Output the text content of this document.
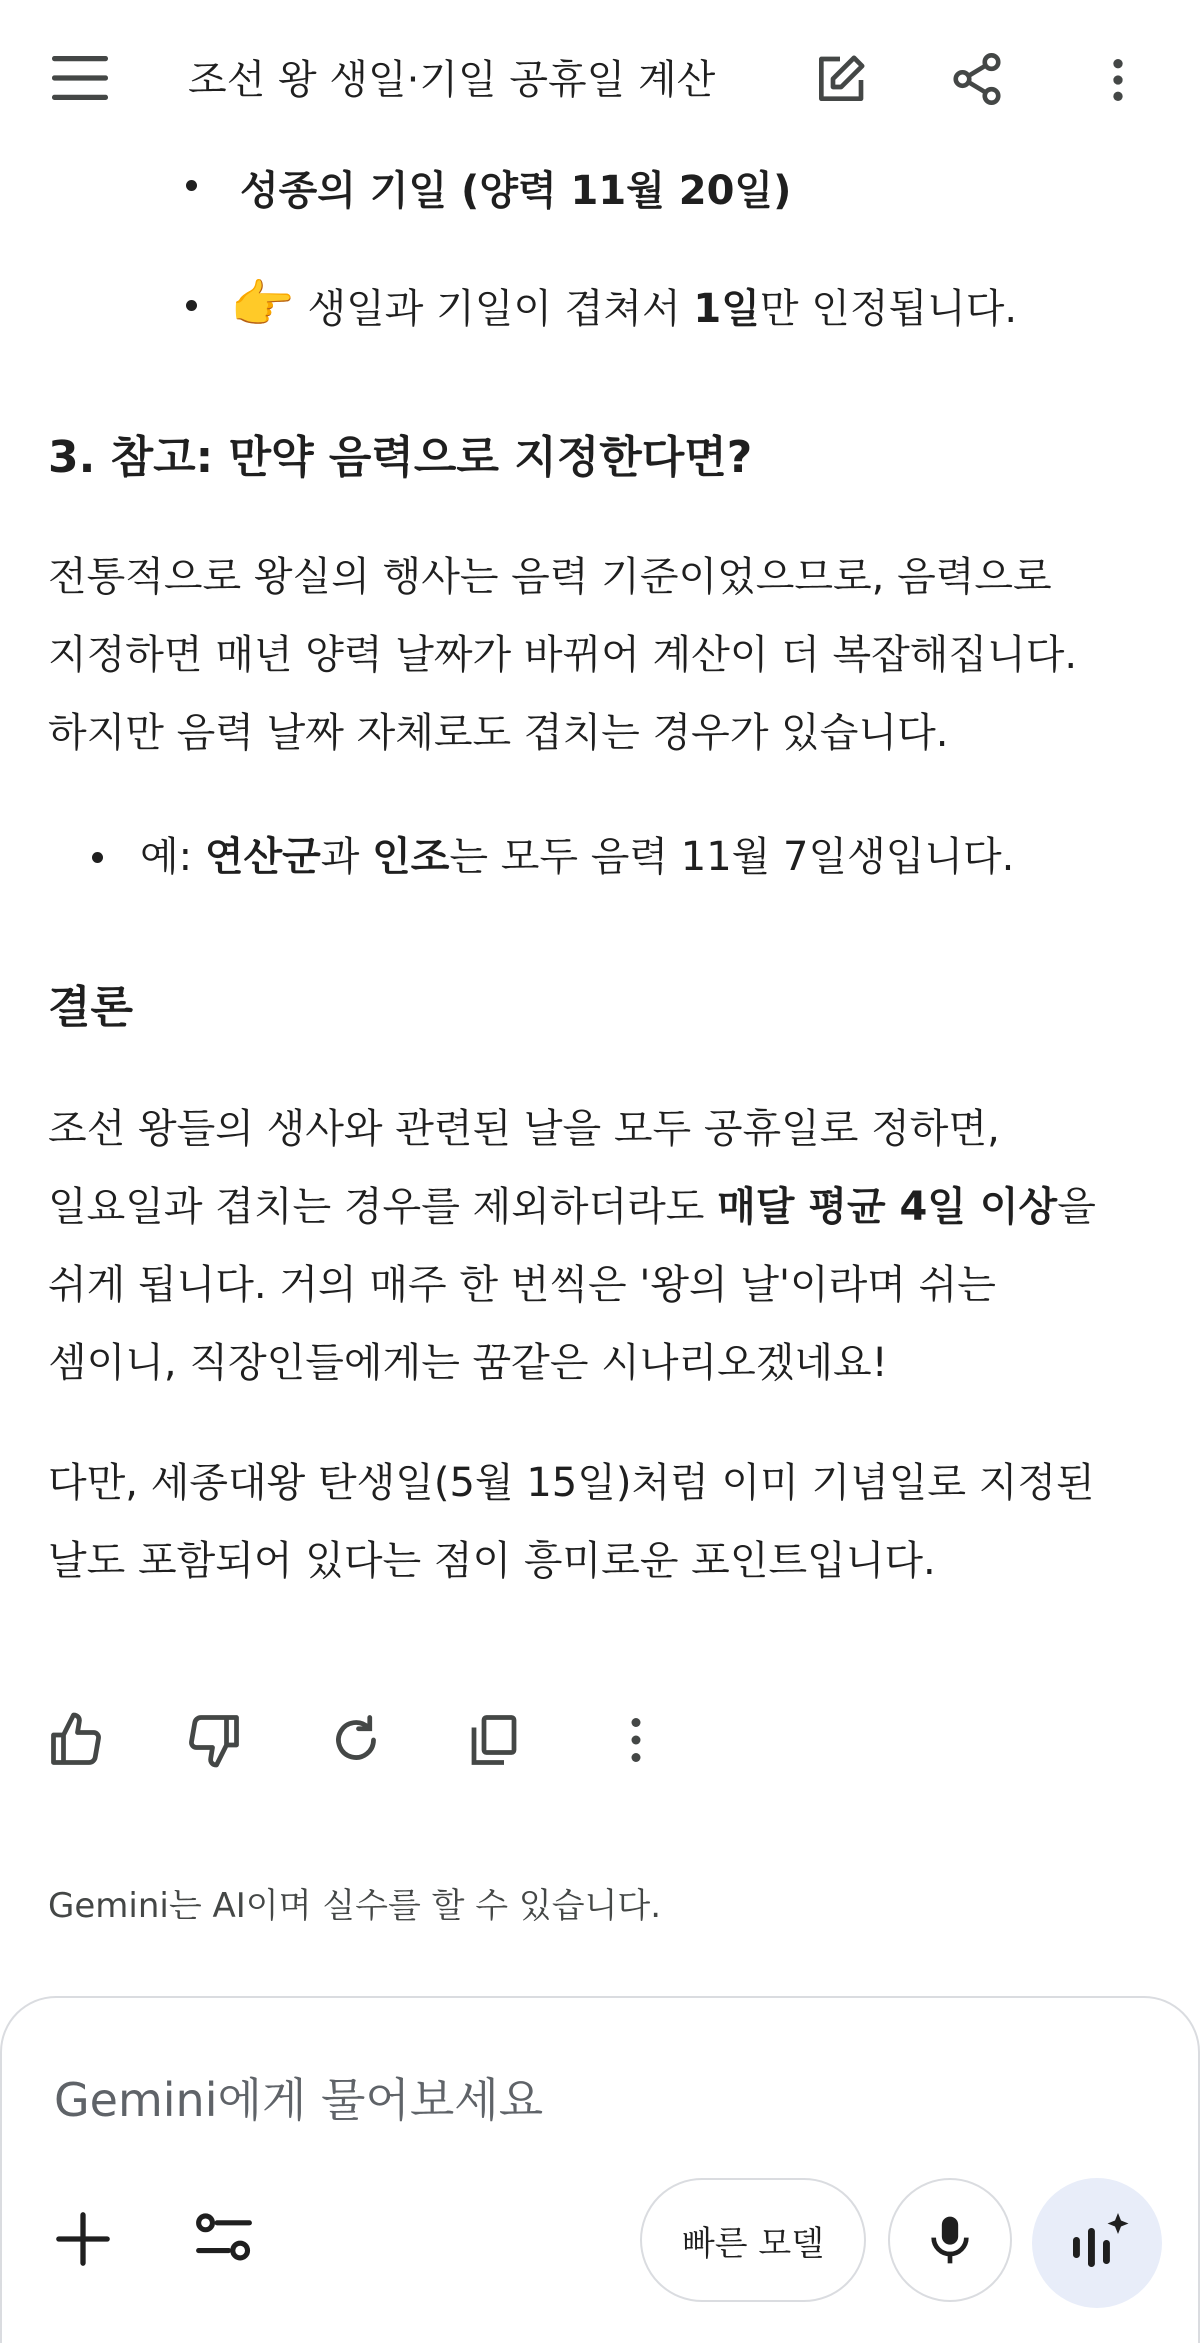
성종의 기일 (양력 11월 20일)
👉 생일과 기일이 겹쳐서 1일만 인정됩니다.
3. 참고: 만약 음력으로 지정한다면?
전통적으로 왕실의 행사는 음력 기준이었으므로, 음력으로
지정하면 매년 양력 날짜가 바뀌어 계산이 더 복잡해집니다.
하지만 음력 날짜 자체로도 겹치는 경우가 있습니다.
예: 연산군과 인조는 모두 음력 11월 7일생입니다.
결론
조선 왕들의 생사와 관련된 날을 모두 공휴일로 정하면,
일요일과 겹치는 경우를 제외하더라도 매달 평균 4일 이상을
쉬게 됩니다. 거의 매주 한 번씩은 '왕의 날'이라며 쉬는
셈이니, 직장인들에게는 꿈같은 시나리오겠네요!
다만, 세종대왕 탄생일(5월 15일)처럼 이미 기념일로 지정된
날도 포함되어 있다는 점이 흥미로운 포인트입니다.
Gemini는 AI이며 실수를 할 수 있습니다.
조선 왕 생일·기일 공휴일 계산
Gemini에게 물어보세요
빠른 모델
